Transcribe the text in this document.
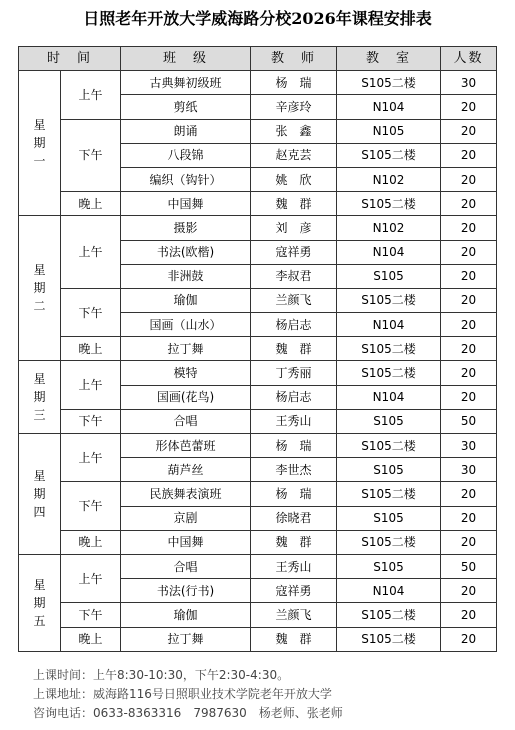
日照老年开放大学威海路分校2026年课程安排表
时　间		班　级	教　师	教　室	人数

星
期
一	上午	古典舞初级班	杨　瑞	S105二楼	30
		剪纸	辛彦玲	N104	20
	下午	朗诵	张　鑫	N105	20
		八段锦	赵克芸	S105二楼	20
		编织（钩针）	姚　欣	N102	20
	晚上	中国舞	魏　群	S105二楼	20

星
期
二	上午	摄影	刘　彦	N102	20
		书法(欧楷)	寇祥勇	N104	20
		非洲鼓	李叔君	S105	20
	下午	瑜伽	兰颜飞	S105二楼	20
		国画（山水）	杨启志	N104	20
	晚上	拉丁舞	魏　群	S105二楼	20

星
期
三	上午	模特	丁秀丽	S105二楼	20
		国画(花鸟)	杨启志	N104	20
	下午	合唱	王秀山	S105	50

星
期
四	上午	形体芭蕾班	杨　瑞	S105二楼	30
		葫芦丝	李世杰	S105	30
	下午	民族舞表演班	杨　瑞	S105二楼	20
		京剧	徐晓君	S105	20
	晚上	中国舞	魏　群	S105二楼	20

星
期
五	上午	合唱	王秀山	S105	50
		书法(行书)	寇祥勇	N104	20
	下午	瑜伽	兰颜飞	S105二楼	20
	晚上	拉丁舞	魏　群	S105二楼	20
上课时间：上午8:30-10:30，下午2:30-4:30。
上课地址：威海路116号日照职业技术学院老年开放大学
咨询电话：0633-8363316　7987630　杨老师、张老师
